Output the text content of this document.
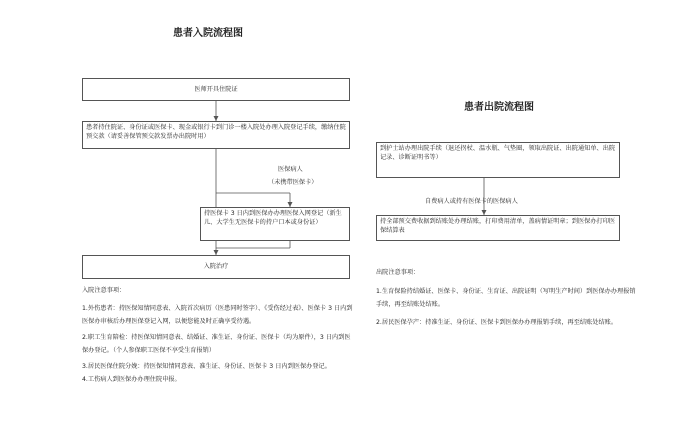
患者入院流程图
医师开具住院证
患者持住院证、身份证或医保卡、现金或银行卡到门诊一楼入院处办理入院登记手续，缴纳住院预交款（请妥善保管预交款发票办出院时用）
医保病人
（未携带医保卡）
持医保卡 3 日内到医保办办理医保入网登记（新生儿、大学生无医保卡的持户口本或身份证）
入院治疗
入院注意事项：
1.外伤患者：持医保知情同意表、入院首次病历（医患同时签字）、《受伤经过表》、医保卡 3 日内到医保办审核后办理医保登记入网，以便您能及时正确享受待遇。
2.职工生育陪检：持医保知情同意表、结婚证、准生证、身份证、医保卡（均为原件），3 日内到医保办登记。（个人参保职工医保不享受生育报销）
3.居民医保住院分娩：持医保知情同意表、准生证、身份证、医保卡 3 日内到医保办登记。
4.工伤病人到医保办办理住院申报。
患者出院流程图
到护士站办理出院手续（退还拐杖、温水瓶、气垫圈，领取出院证、出院通知单、出院记录、诊断证明书等）
自费病人或持有医保卡的医保病人
持全部预交费收据到结账处办理结账，打印费用清单，盖病情证明章；到医保办打印医保结算表
出院注意事项：
1.生育保险持结婚证、医保卡、身份证、生育证、出院证明（写明生产时间）到医保办办理报销手续，再至结账处结账。
2.居民医保孕产：持准生证、身份证、医保卡到医保办办理报销手续，再至结账处结账。
